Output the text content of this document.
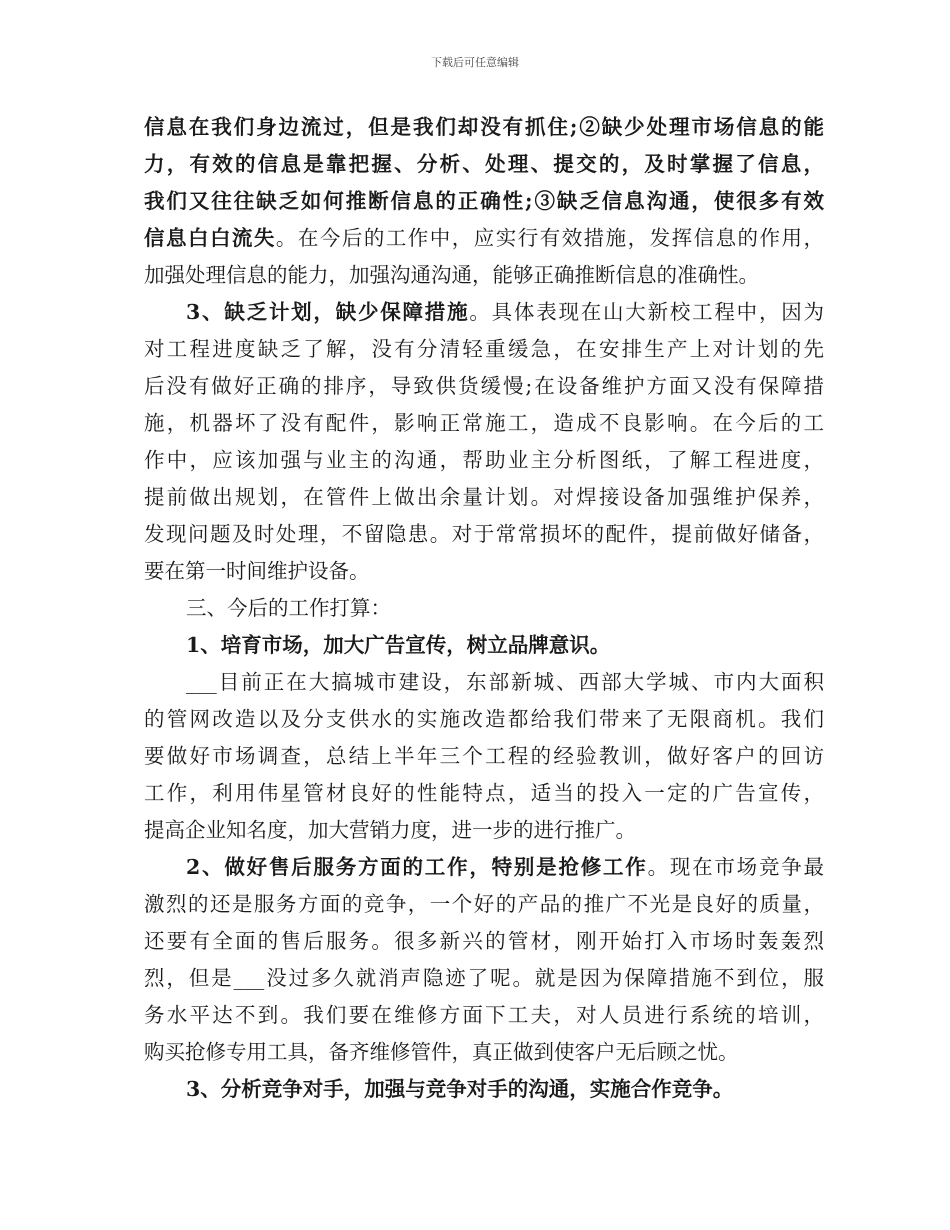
下载后可任意编辑
信息在我们身边流过，但是我们却没有抓住;②缺少处理市场信息的能
力，有效的信息是靠把握、分析、处理、提交的，及时掌握了信息，
我们又往往缺乏如何推断信息的正确性;③缺乏信息沟通，使很多有效
信息白白流失。在今后的工作中，应实行有效措施，发挥信息的作用，
加强处理信息的能力，加强沟通沟通，能够正确推断信息的准确性。
3、缺乏计划，缺少保障措施。具体表现在山大新校工程中，因为
对工程进度缺乏了解，没有分清轻重缓急，在安排生产上对计划的先
后没有做好正确的排序，导致供货缓慢;在设备维护方面又没有保障措
施，机器坏了没有配件，影响正常施工，造成不良影响。在今后的工
作中，应该加强与业主的沟通，帮助业主分析图纸，了解工程进度，
提前做出规划，在管件上做出余量计划。对焊接设备加强维护保养，
发现问题及时处理，不留隐患。对于常常损坏的配件，提前做好储备，
要在第一时间维护设备。
三、今后的工作打算：
1、培育市场，加大广告宣传，树立品牌意识。
___目前正在大搞城市建设，东部新城、西部大学城、市内大面积
的管网改造以及分支供水的实施改造都给我们带来了无限商机。我们
要做好市场调查，总结上半年三个工程的经验教训，做好客户的回访
工作，利用伟星管材良好的性能特点，适当的投入一定的广告宣传，
提高企业知名度，加大营销力度，进一步的进行推广。
2、做好售后服务方面的工作，特别是抢修工作。现在市场竞争最
激烈的还是服务方面的竞争，一个好的产品的推广不光是良好的质量，
还要有全面的售后服务。很多新兴的管材，刚开始打入市场时轰轰烈
烈，但是___没过多久就消声隐迹了呢。就是因为保障措施不到位，服
务水平达不到。我们要在维修方面下工夫，对人员进行系统的培训，
购买抢修专用工具，备齐维修管件，真正做到使客户无后顾之忧。
3、分析竞争对手，加强与竞争对手的沟通，实施合作竞争。
